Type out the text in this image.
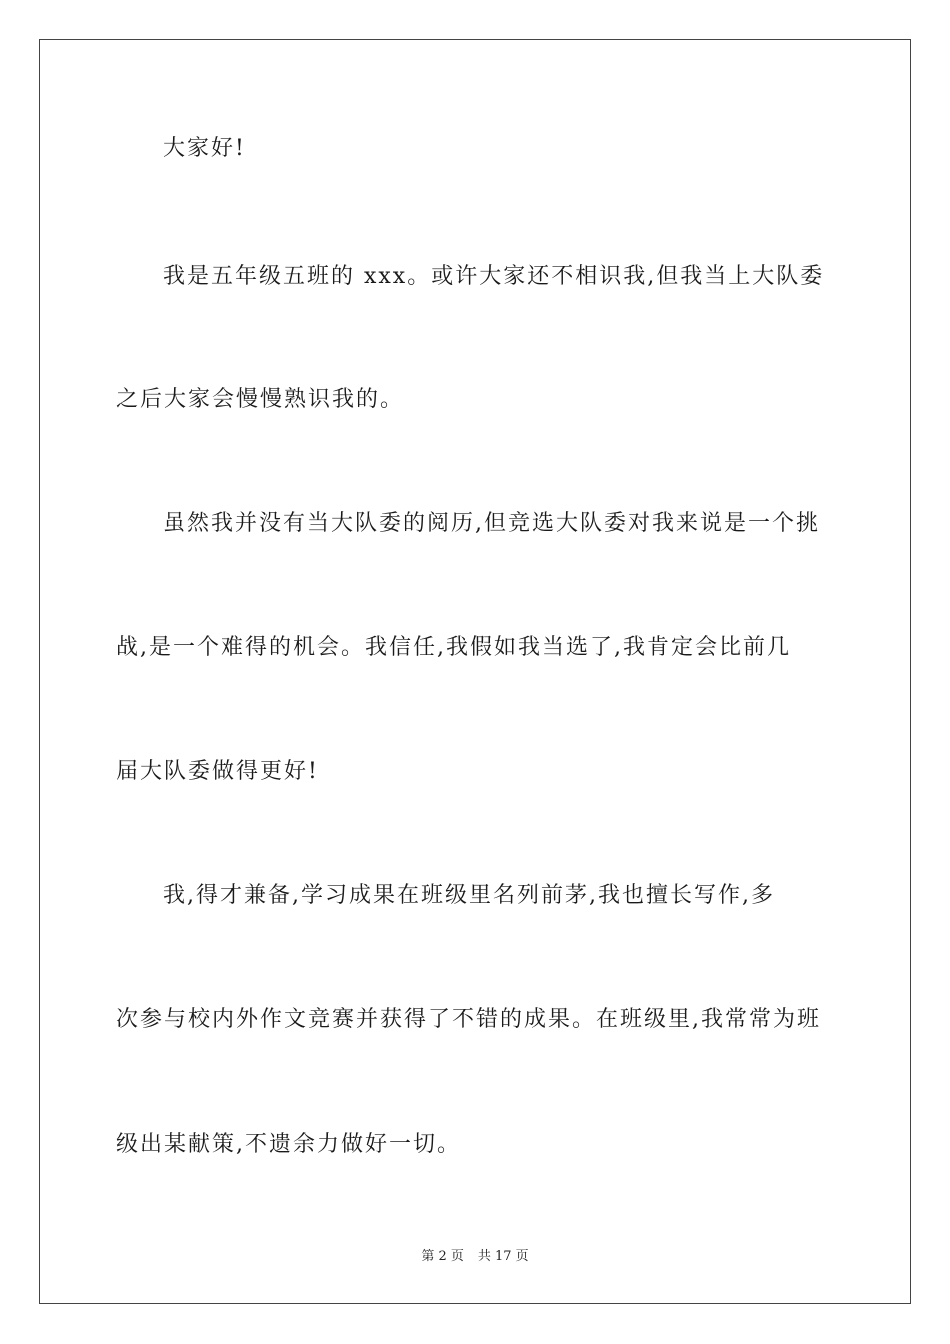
大家好!

我是五年级五班的 xxx。或许大家还不相识我,但我当上大队委

之后大家会慢慢熟识我的。

虽然我并没有当大队委的阅历,但竞选大队委对我来说是一个挑

战,是一个难得的机会。我信任,我假如我当选了,我肯定会比前几

届大队委做得更好!

我,得才兼备,学习成果在班级里名列前茅,我也擅长写作,多

次参与校内外作文竞赛并获得了不错的成果。在班级里,我常常为班

级出某献策,不遗余力做好一切。

第 2 页 共 17 页
